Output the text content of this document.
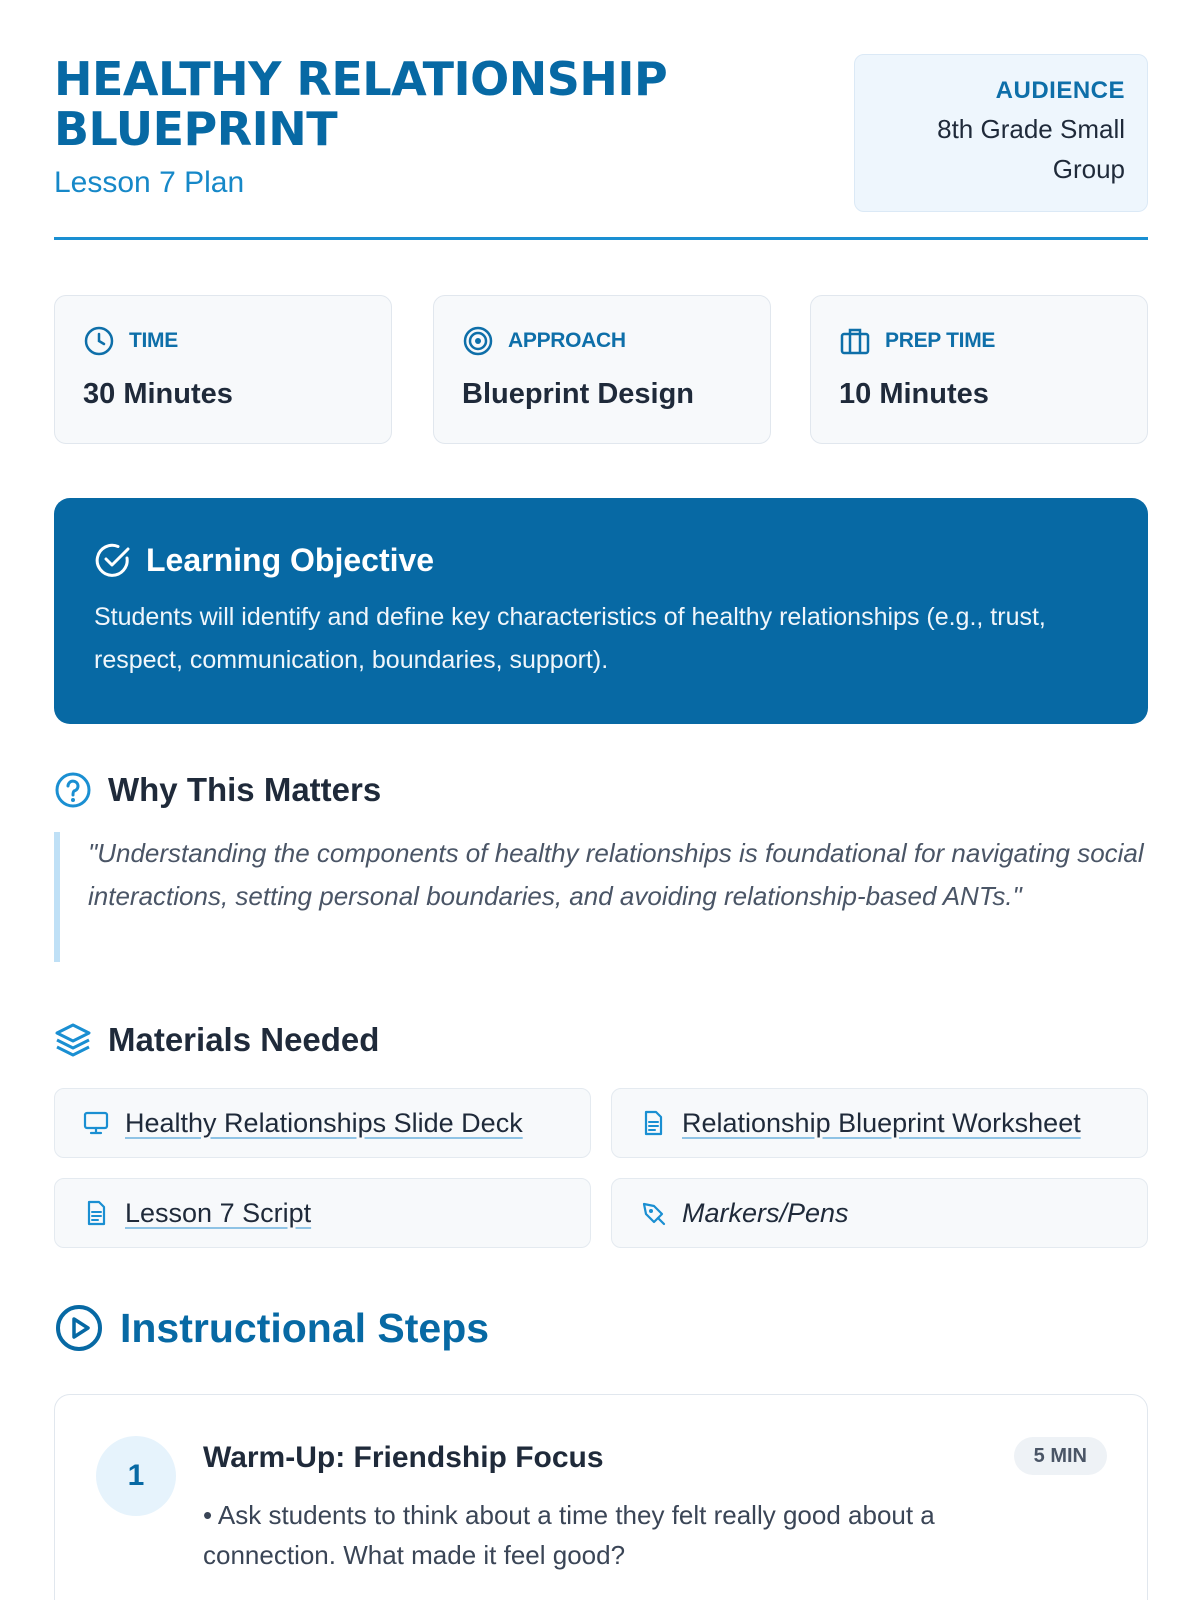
HEALTHY RELATIONSHIP
BLUEPRINT
Lesson 7 Plan
AUDIENCE
8th Grade Small Group
TIME
30 Minutes
APPROACH
Blueprint Design
PREP TIME
10 Minutes
Learning Objective
Students will identify and define key characteristics of healthy relationships (e.g., trust, respect, communication, boundaries, support).
Why This Matters
"Understanding the components of healthy relationships is foundational for navigating social interactions, setting personal boundaries, and avoiding relationship-based ANTs."
Materials Needed
Healthy Relationships Slide Deck	Relationship Blueprint Worksheet
Lesson 7 Script	Markers/Pens
Instructional Steps
1
Warm-Up: Friendship Focus	5 MIN
• Ask students to think about a time they felt really good about a connection. What made it feel good?
